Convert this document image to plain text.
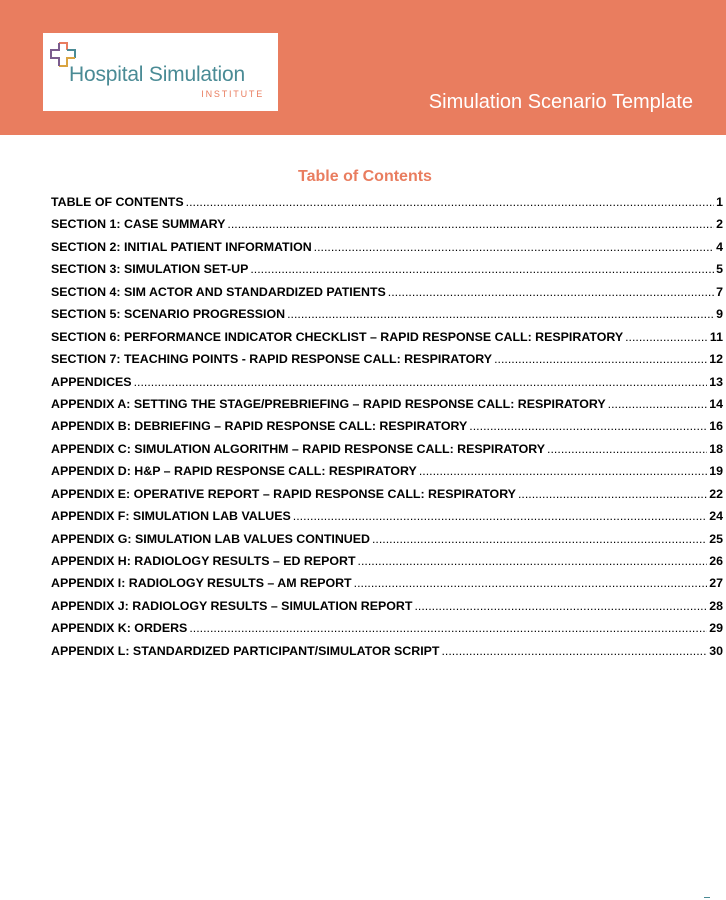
Hospital Simulation
INSTITUTE	Simulation Scenario Template
Table of Contents
TABLE OF CONTENTS .....	1
SECTION 1: CASE SUMMARY .....	2
SECTION 2: INITIAL PATIENT INFORMATION .....	4
SECTION 3: SIMULATION SET-UP .....	5
SECTION 4: SIM ACTOR AND STANDARDIZED PATIENTS .....	7
SECTION 5: SCENARIO PROGRESSION .....	9
SECTION 6: PERFORMANCE INDICATOR CHECKLIST – RAPID RESPONSE CALL: RESPIRATORY .....	11
SECTION 7: TEACHING POINTS - RAPID RESPONSE CALL: RESPIRATORY .....	12
APPENDICES .....	13
APPENDIX A: SETTING THE STAGE/PREBRIEFING – RAPID RESPONSE CALL: RESPIRATORY .....	14
APPENDIX B: DEBRIEFING – RAPID RESPONSE CALL: RESPIRATORY .....	16
APPENDIX C: SIMULATION ALGORITHM – RAPID RESPONSE CALL: RESPIRATORY .....	18
APPENDIX D: H&P – RAPID RESPONSE CALL: RESPIRATORY .....	19
APPENDIX E: OPERATIVE REPORT – RAPID RESPONSE CALL: RESPIRATORY .....	22
APPENDIX F: SIMULATION LAB VALUES .....	24
APPENDIX G: SIMULATION LAB VALUES CONTINUED .....	25
APPENDIX H: RADIOLOGY RESULTS – ED REPORT .....	26
APPENDIX I: RADIOLOGY RESULTS – AM REPORT .....	27
APPENDIX J: RADIOLOGY RESULTS – SIMULATION REPORT .....	28
APPENDIX K: ORDERS .....	29
APPENDIX L: STANDARDIZED PARTICIPANT/SIMULATOR SCRIPT .....	30
